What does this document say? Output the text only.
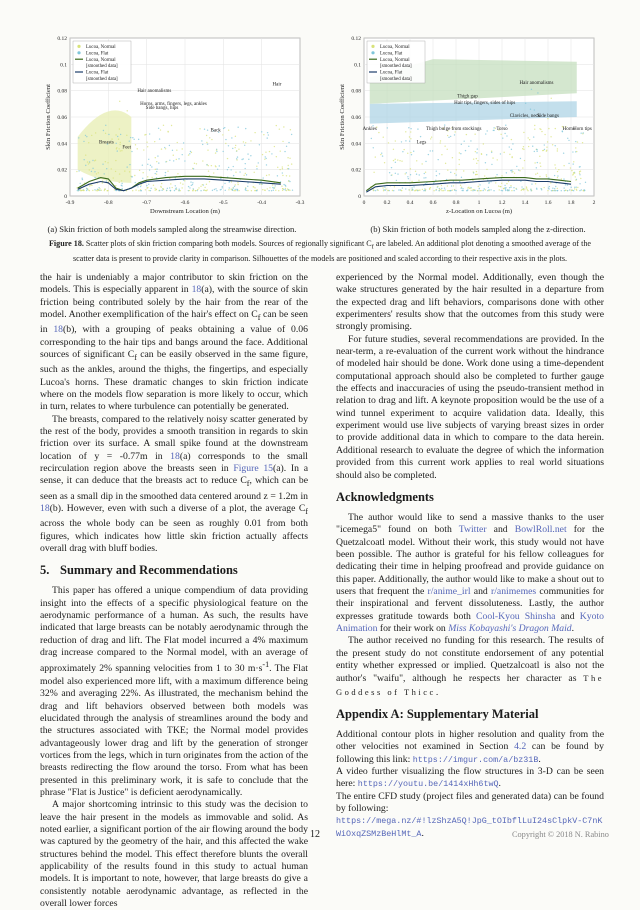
0
0.02
0.04
0.06
0.08
0.1
0.12
-0.9	-0.8	-0.7	-0.6	-0.5	-0.4	-0.3
Breasts
Feet
Hair anomalisms
Side bangs, hips
Horns, arms, fingers, legs, ankles
Back
Hair
Lucoa, Normal
Lucoa, Flat
Lucoa, Normal
[smoothed data]
Lucoa, Flat
[smoothed data]
Downstream Location (m)
Skin Friction Coefficient
0
0.02
0.04
0.06
0.08
0.1
0.12
0	0.2	0.4	0.6	0.8	1	1.2	1.4	1.6	1.8	2
Ankles
Legs
Thigh bulge from stockings
Thigh gap
Hair tips, fingers, sides of hips
Torso
Clavicles, neck
Hair anomalisms
Side bangs
Horns
Horn tips
Lucoa, Normal
Lucoa, Flat
Lucoa, Normal
[smoothed data]
Lucoa, Flat
[smoothed data]
z-Location on Lucoa (m)
Skin Friction Coefficient
(a) Skin friction of both models sampled along the streamwise direction.	(b) Skin friction of both models sampled along the z-direction.
Figure 18. Scatter plots of skin friction comparing both models. Sources of regionally significant $C_f$ are labeled. An additional plot denoting a smoothed average of the scatter data is present to provide clarity in comparison. Silhouettes of the models are positioned and scaled according to their respective axis in the plots.

the hair is undeniably a major contributor to skin friction on the models. This is especially apparent in 18(a), with the source of skin friction being contributed solely by the hair from the rear of the model. Another exemplification of the hair's effect on $C_f$ can be seen in 18(b), with a grouping of peaks obtaining a value of 0.06 corresponding to the hair tips and bangs around the face. Additional sources of significant $C_f$ can be easily observed in the same figure, such as the ankles, around the thighs, the fingertips, and especially Lucoa's horns. These dramatic changes to skin friction indicate where on the models flow separation is more likely to occur, which in turn, relates to where turbulence can potentially be generated.

The breasts, compared to the relatively noisy scatter generated by the rest of the body, provides a smooth transition in regards to skin friction over its surface. A small spike found at the downstream location of y = -0.77m in 18(a) corresponds to the small recirculation region above the breasts seen in Figure 15(a). In a sense, it can deduce that the breasts act to reduce $C_f$, which can be seen as a small dip in the smoothed data centered around z = 1.2m in 18(b). However, even with such a diverse of a plot, the average $C_f$ across the whole body can be seen as roughly 0.01 from both figures, which indicates how little skin friction actually affects overall drag with bluff bodies.

5. Summary and Recommendations

This paper has offered a unique compendium of data providing insight into the effects of a specific physiological feature on the aerodynamic performance of a human. As such, the results have indicated that large breasts can be notably aerodynamic through the reduction of drag and lift. The Flat model incurred a 4% maximum drag increase compared to the Normal model, with an average of approximately 2% spanning velocities from 1 to 30 $m\cdot s^{-1}$. The Flat model also experienced more lift, with a maximum difference being 32% and averaging 22%. As illustrated, the mechanism behind the drag and lift behaviors observed between both models was elucidated through the analysis of streamlines around the body and the structures associated with TKE; the Normal model provides advantageously lower drag and lift by the generation of stronger vortices from the legs, which in turn originates from the action of the breasts redirecting the flow around the torso. From what has been presented in this preliminary work, it is safe to conclude that the phrase "Flat is Justice" is deficient aerodynamically.

A major shortcoming intrinsic to this study was the decision to leave the hair present in the models as immovable and solid. As noted earlier, a significant portion of the air flowing around the body was captured by the geometry of the hair, and this affected the wake structures behind the model. This effect therefore blunts the overall applicability of the results found in this study to actual human models. It is important to note, however, that large breasts do give a consistently notable aerodynamic advantage, as reflected in the overall lower forces

experienced by the Normal model. Additionally, even though the wake structures generated by the hair resulted in a departure from the expected drag and lift behaviors, comparisons done with other experimenters' results show that the outcomes from this study were strongly promising.

For future studies, several recommendations are provided. In the near-term, a re-evaluation of the current work without the hindrance of modeled hair should be done. Work done using a time-dependent computational approach should also be completed to further gauge the effects and inaccuracies of using the pseudo-transient method in relation to drag and lift. A keynote proposition would be the use of a wind tunnel experiment to acquire validation data. Ideally, this experiment would use live subjects of varying breast sizes in order to provide additional data in which to compare to the data herein. Additional research to evaluate the degree of which the information provided from this current work applies to real world situations should also be completed.

Acknowledgments

The author would like to send a massive thanks to the user "icemega5" found on both Twitter and BowlRoll.net for the Quetzalcoatl model. Without their work, this study would not have been possible. The author is grateful for his fellow colleagues for dedicating their time in helping proofread and provide guidance on this paper. Additionally, the author would like to make a shout out to users that frequent the r/anime_irl and r/animemes communities for their inspirational and fervent dissoluteness. Lastly, the author expresses gratitude towards both Cool-Kyou Shinsha and Kyoto Animation for their work on Miss Kobayashi's Dragon Maid.

The author received no funding for this research. The results of the present study do not constitute endorsement of any potential entity whether expressed or implied. Quetzalcoatl is also not the author's "waifu", although he respects her character as The Goddess of Thicc.

Appendix A: Supplementary Material

Additional contour plots in higher resolution and quality from the other velocities not examined in Section 4.2 can be found by following this link: https://imgur.com/a/bz31B.

A video further visualizing the flow structures in 3-D can be seen here: https://youtu.be/1414xHh6twQ.

The entire CFD study (project files and generated data) can be found by following:
https://mega.nz/#!lzShzA5Q!JpG_tOIbflLuI24sClpkV-C7nKWiOxqZSMzBeHlMt_A.

12	Copyright © 2018 N. Rabino
